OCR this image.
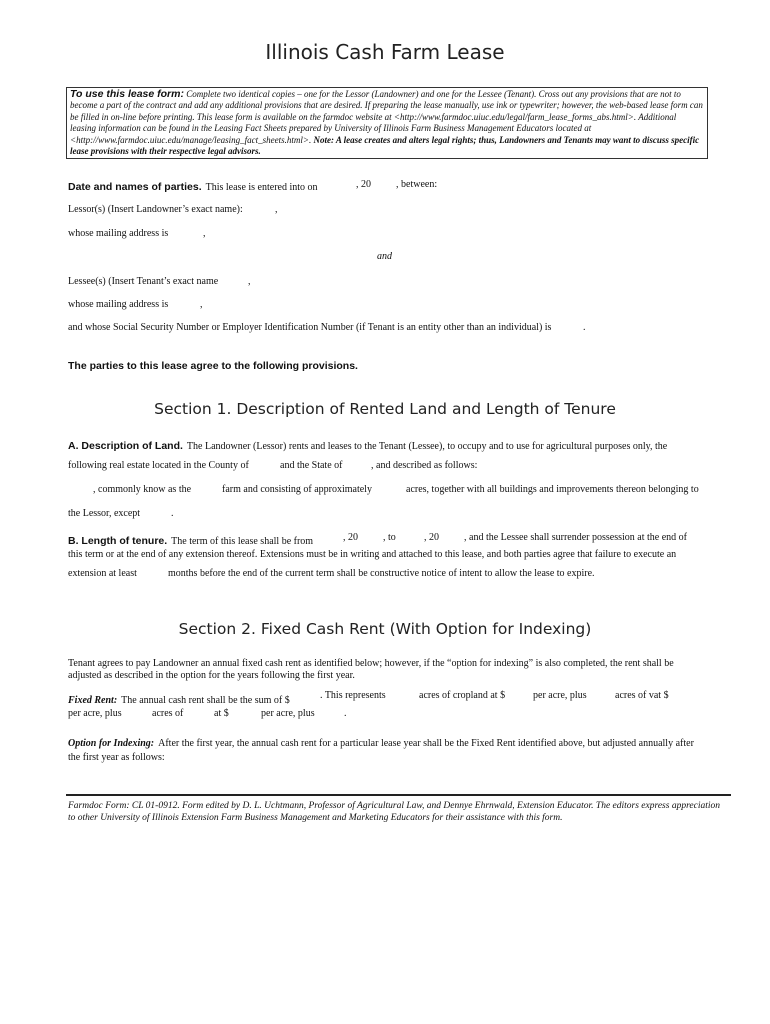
Illinois Cash Farm Lease
To use this lease form: Complete two identical copies – one for the Lessor (Landowner) and one for the Lessee (Tenant). Cross out any provisions that are not to become a part of the contract and add any additional provisions that are desired. If preparing the lease manually, use ink or typewriter; however, the web-based lease form can be filled in on-line before printing. This lease form is available on the farmdoc website at <http://www.farmdoc.uiuc.edu/legal/farm_lease_forms_abs.html>. Additional leasing information can be found in the Leasing Fact Sheets prepared by University of Illinois Farm Business Management Educators located at <http://www.farmdoc.uiuc.edu/manage/leasing_fact_sheets.html>. Note: A lease creates and alters legal rights; thus, Landowners and Tenants may want to discuss specific lease provisions with their respective legal advisors.
Date and names of parties. This lease is entered into on	, 20	, between:
Lessor(s) (Insert Landowner’s exact name):	,
whose mailing address is	,
and
Lessee(s) (Insert Tenant’s exact name	,
whose mailing address is	,
and whose Social Security Number or Employer Identification Number (if Tenant is an entity other than an individual) is	.
The parties to this lease agree to the following provisions.
Section 1. Description of Rented Land and Length of Tenure
A. Description of Land. The Landowner (Lessor) rents and leases to the Tenant (Lessee), to occupy and to use for agricultural purposes only, the
following real estate located in the County of	and the State of	, and described as follows:
, commonly know as the	farm and consisting of approximately	acres, together with all buildings and improvements thereon belonging to
the Lessor, except	.
B. Length of tenure. The term of this lease shall be from	, 20	, to	, 20	, and the Lessee shall surrender possession at the end of
this term or at the end of any extension thereof. Extensions must be in writing and attached to this lease, and both parties agree that failure to execute an
extension at least	months before the end of the current term shall be constructive notice of intent to allow the lease to expire.
Section 2. Fixed Cash Rent (With Option for Indexing)
Tenant agrees to pay Landowner an annual fixed cash rent as identified below; however, if the “option for indexing” is also completed, the rent shall be adjusted as described in the option for the years following the first year.
Fixed Rent: The annual cash rent shall be the sum of $	. This represents	acres of cropland at $	per acre, plus	acres of vat $
per acre, plus	acres of	at $	per acre, plus	.
Option for Indexing: After the first year, the annual cash rent for a particular lease year shall be the Fixed Rent identified above, but adjusted annually after
the first year as follows:
Farmdoc Form: CL 01-0912. Form edited by D. L. Uchtmann, Professor of Agricultural Law, and Dennye Ehrnwald, Extension Educator. The editors express appreciation to other University of Illinois Extension Farm Business Management and Marketing Educators for their assistance with this form.
